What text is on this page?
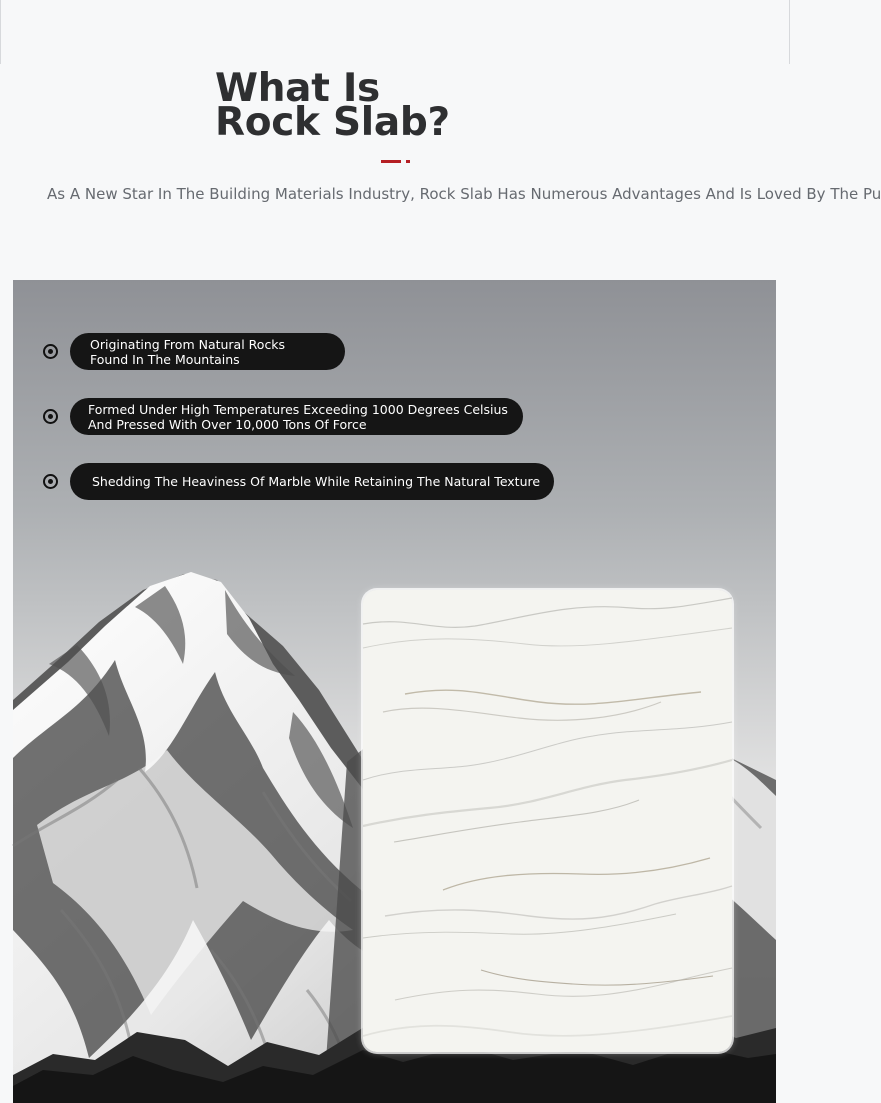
What Is Rock Slab?
As A New Star In The Building Materials Industry, Rock Slab Has Numerous Advantages And Is Loved By The Pu
Originating From Natural Rocks Found In The Mountains
Formed Under High Temperatures Exceeding 1000 Degrees Celsius And Pressed With Over 10,000 Tons Of Force
Shedding The Heaviness Of Marble While Retaining The Natural Texture
